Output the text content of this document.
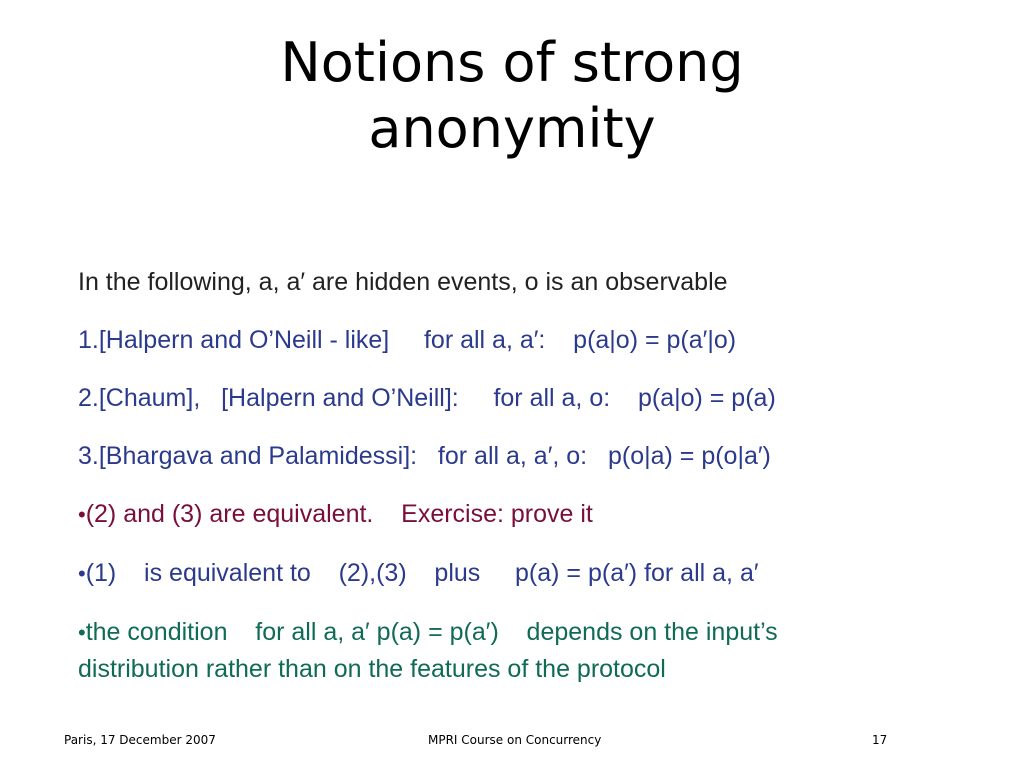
Notions of strong
anonymity

In the following, a, a′ are hidden events, o is an observable

1.[Halpern and O’Neill - like]     for all a, a′:    p(a|o) = p(a′|o)

2.[Chaum],   [Halpern and O’Neill]:     for all a, o:    p(a|o) = p(a)

3.[Bhargava and Palamidessi]:   for all a, a′, o:   p(o|a) = p(o|a′)

•(2) and (3) are equivalent.    Exercise: prove it

•(1)    is equivalent to    (2),(3)    plus     p(a) = p(a′) for all a, a′

•the condition    for all a, a′ p(a) = p(a′)    depends on the input’s

distribution rather than on the features of the protocol

Paris, 17 December 2007	MPRI Course on Concurrency	17
